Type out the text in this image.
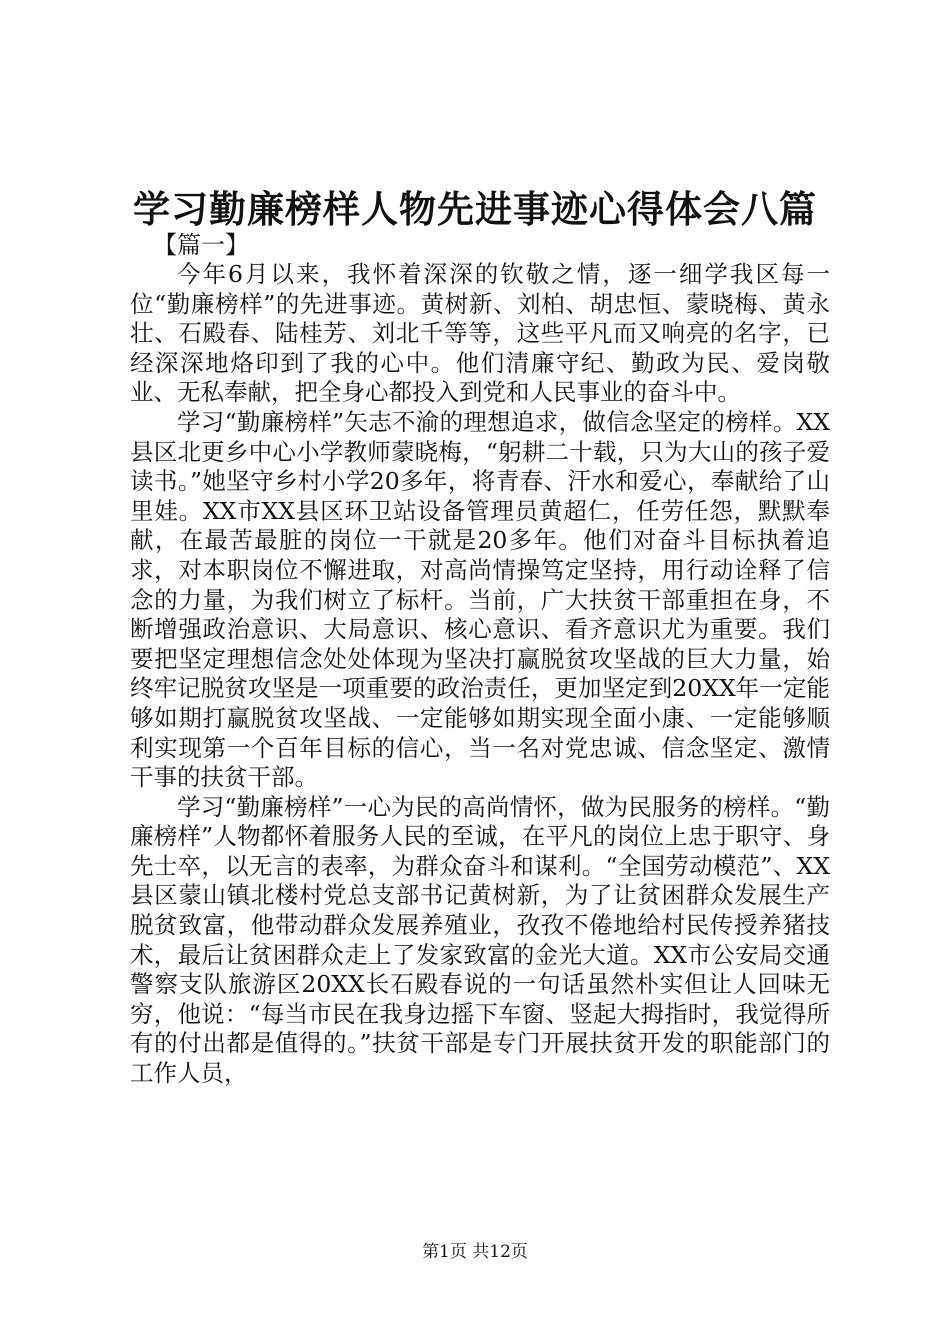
学习勤廉榜样人物先进事迹心得体会八篇
【篇一】

今年6月以来，我怀着深深的钦敬之情，逐一细学我区每一位“勤廉榜样”的先进事迹。黄树新、刘柏、胡忠恒、蒙晓梅、黄永壮、石殿春、陆桂芳、刘北千等等，这些平凡而又响亮的名字，已经深深地烙印到了我的心中。他们清廉守纪、勤政为民、爱岗敬业、无私奉献，把全身心都投入到党和人民事业的奋斗中。

学习“勤廉榜样”矢志不渝的理想追求，做信念坚定的榜样。XX县区北更乡中心小学教师蒙晓梅，“躬耕二十载，只为大山的孩子爱读书。”她坚守乡村小学20多年，将青春、汗水和爱心，奉献给了山里娃。XX市XX县区环卫站设备管理员黄超仁，任劳任怨，默默奉献，在最苦最脏的岗位一干就是20多年。他们对奋斗目标执着追求，对本职岗位不懈进取，对高尚情操笃定坚持，用行动诠释了信念的力量，为我们树立了标杆。当前，广大扶贫干部重担在身，不断增强政治意识、大局意识、核心意识、看齐意识尤为重要。我们要把坚定理想信念处处体现为坚决打赢脱贫攻坚战的巨大力量，始终牢记脱贫攻坚是一项重要的政治责任，更加坚定到20XX年一定能够如期打赢脱贫攻坚战、一定能够如期实现全面小康、一定能够顺利实现第一个百年目标的信心，当一名对党忠诚、信念坚定、激情干事的扶贫干部。

学习“勤廉榜样”一心为民的高尚情怀，做为民服务的榜样。“勤廉榜样”人物都怀着服务人民的至诚，在平凡的岗位上忠于职守、身先士卒，以无言的表率，为群众奋斗和谋利。“全国劳动模范”、XX县区蒙山镇北楼村党总支部书记黄树新，为了让贫困群众发展生产脱贫致富，他带动群众发展养殖业，孜孜不倦地给村民传授养猪技术，最后让贫困群众走上了发家致富的金光大道。XX市公安局交通警察支队旅游区20XX长石殿春说的一句话虽然朴实但让人回味无穷，他说：“每当市民在我身边摇下车窗、竖起大拇指时，我觉得所有的付出都是值得的。”扶贫干部是专门开展扶贫开发的职能部门的工作人员，

第1页 共12页
